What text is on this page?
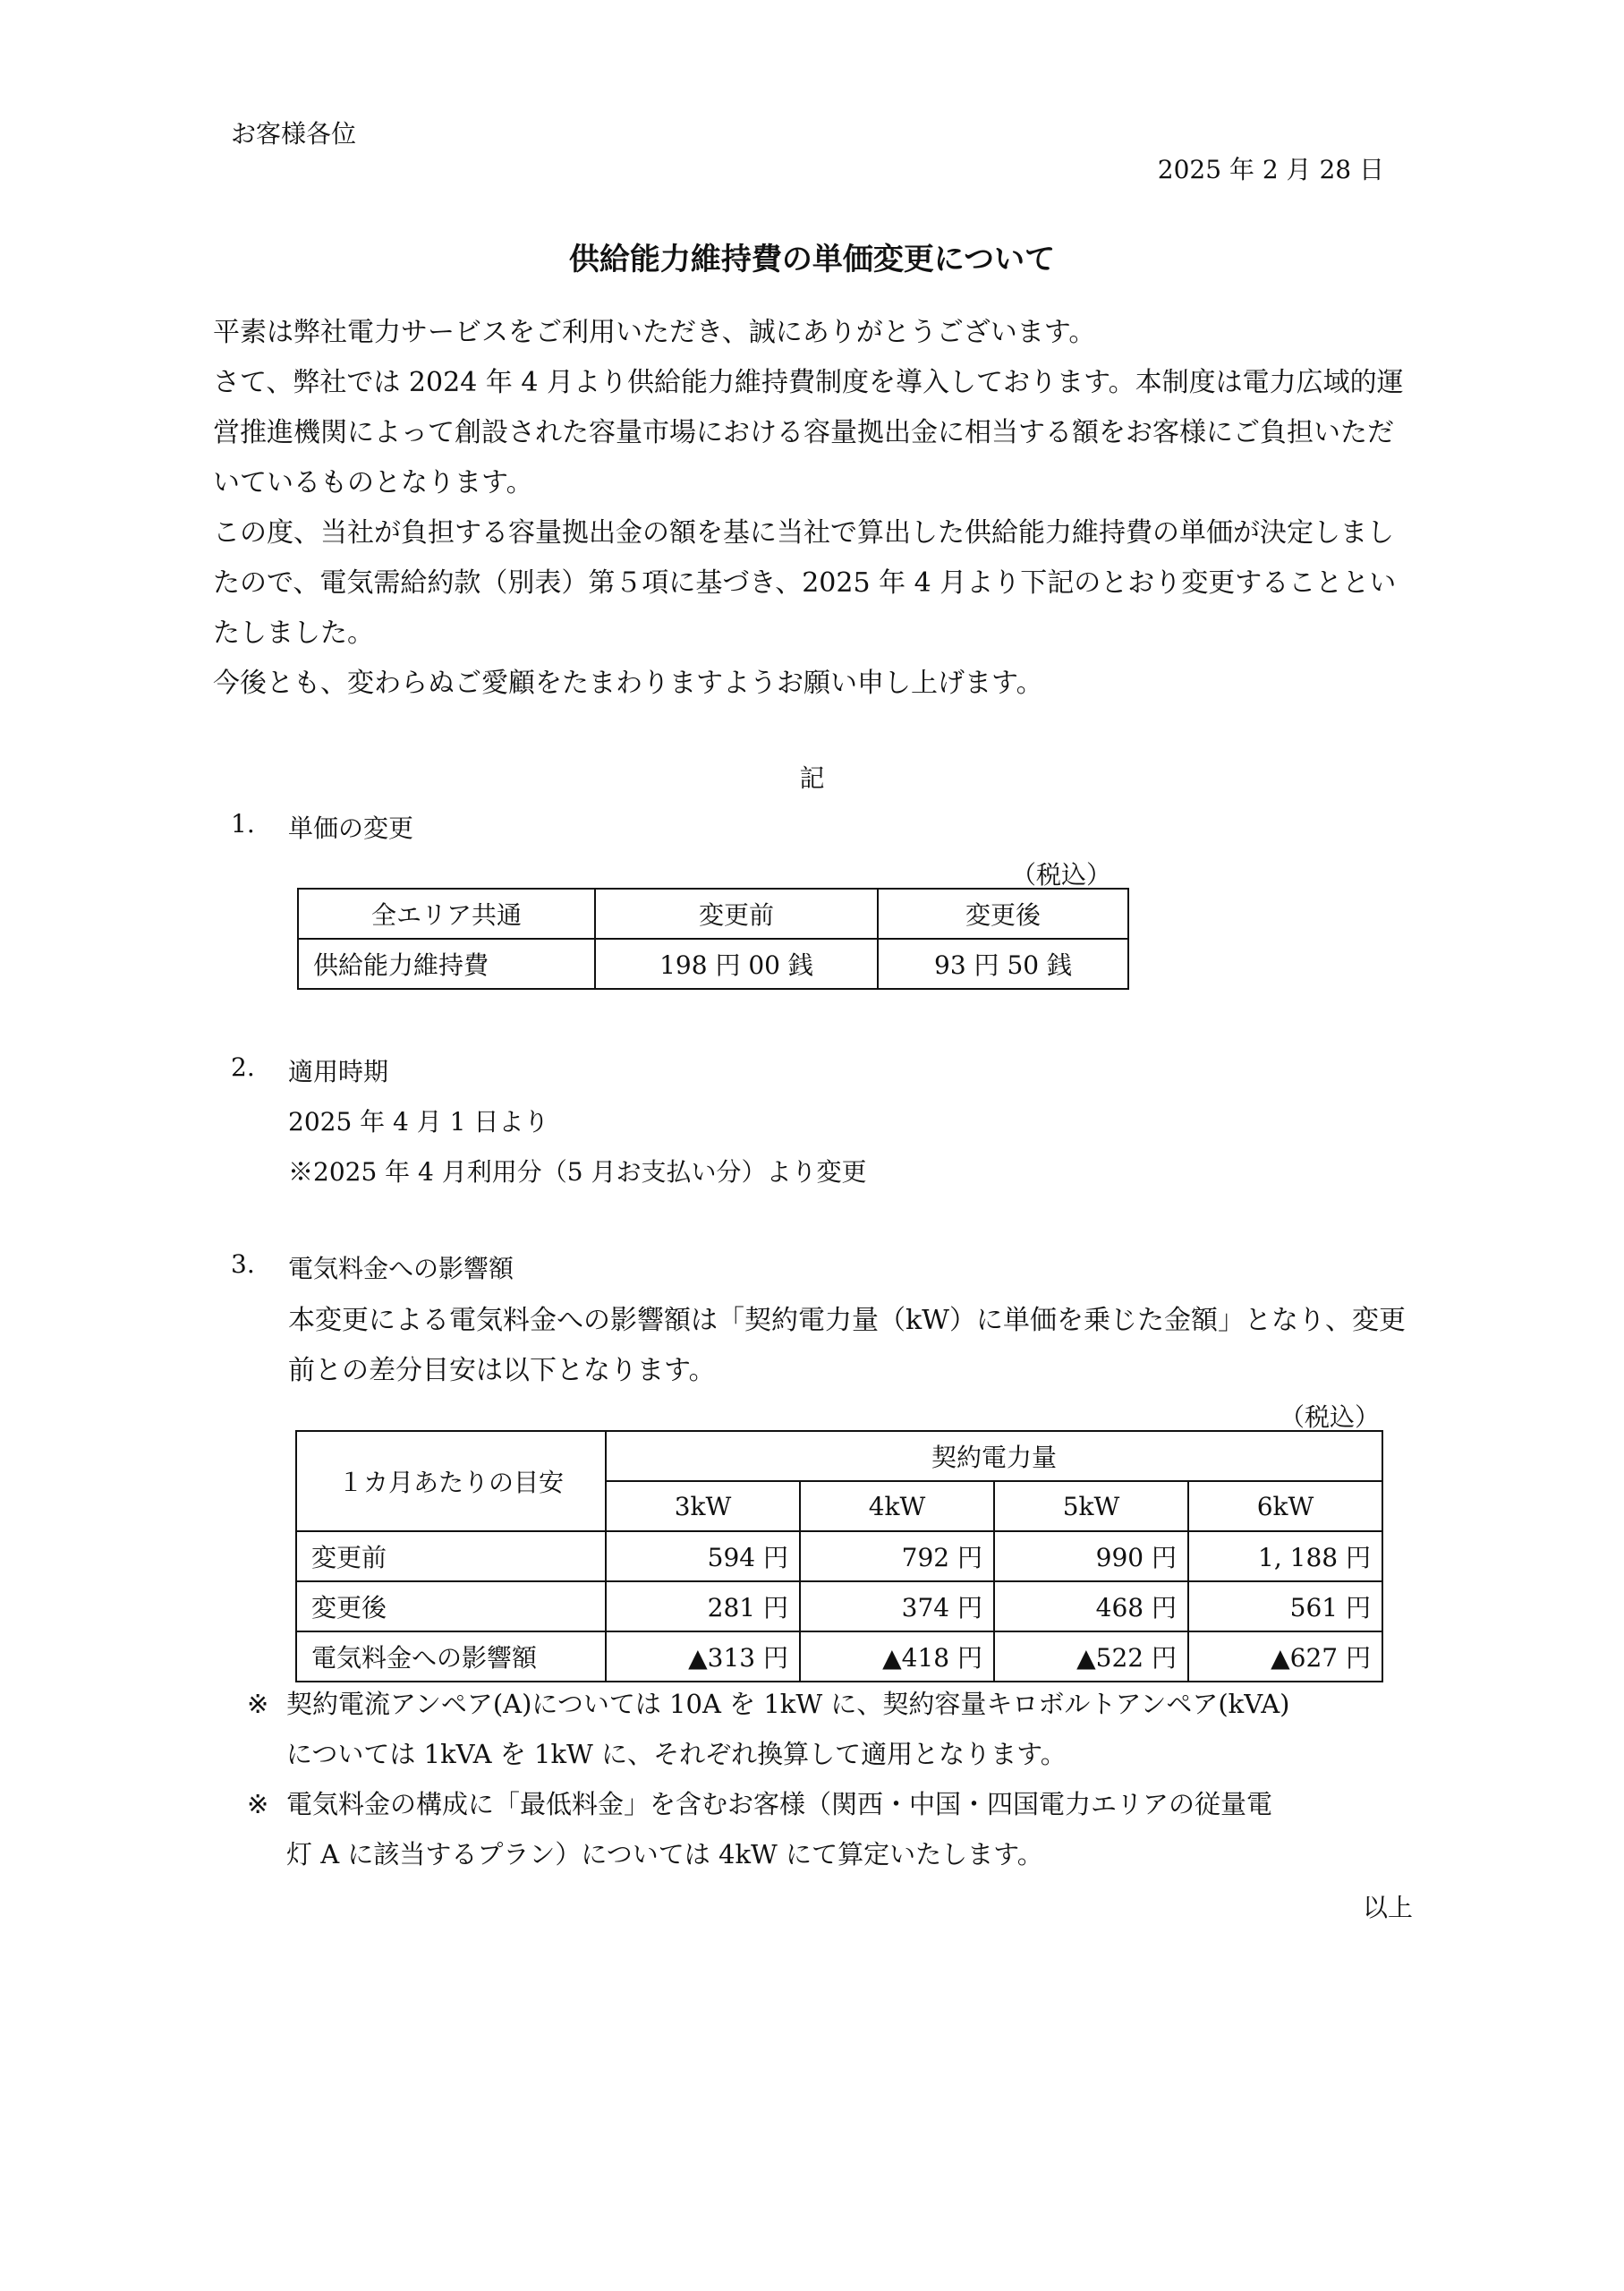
お客様各位
2025 年 2 月 28 日
供給能力維持費の単価変更について

平素は弊社電力サービスをご利用いただき、誠にありがとうございます。

さて、弊社では 2024 年 4 月より供給能力維持費制度を導入しております。本制度は電力広域的運営推進機関によって創設された容量市場における容量拠出金に相当する額をお客様にご負担いただいているものとなります。

この度、当社が負担する容量拠出金の額を基に当社で算出した供給能力維持費の単価が決定しましたので、電気需給約款（別表）第５項に基づき、2025 年 4 月より下記のとおり変更することといたしました。

今後とも、変わらぬご愛顧をたまわりますようお願い申し上げます。

記
1. 単価の変更
（税込）
全エリア共通	変更前	変更後
供給能力維持費	198 円 00 銭	93 円 50 銭
2. 適用時期
2025 年 4 月 1 日より
※2025 年 4 月利用分（5 月お支払い分）より変更
3. 電気料金への影響額
本変更による電気料金への影響額は「契約電力量（kW）に単価を乗じた金額」となり、変更
前との差分目安は以下となります。
（税込）
１カ月あたりの目安	契約電力量			
	3kW	4kW	5kW	6kW
変更前	594 円	792 円	990 円	1, 188 円
変更後	281 円	374 円	468 円	561 円
電気料金への影響額	▲313 円	▲418 円	▲522 円	▲627 円
※ 契約電流アンペア(A)については 10A を 1kW に、契約容量キロボルトアンペア(kVA)
については 1kVA を 1kW に、それぞれ換算して適用となります。
※ 電気料金の構成に「最低料金」を含むお客様（関西・中国・四国電力エリアの従量電
灯 A に該当するプラン）については 4kW にて算定いたします。
以上
